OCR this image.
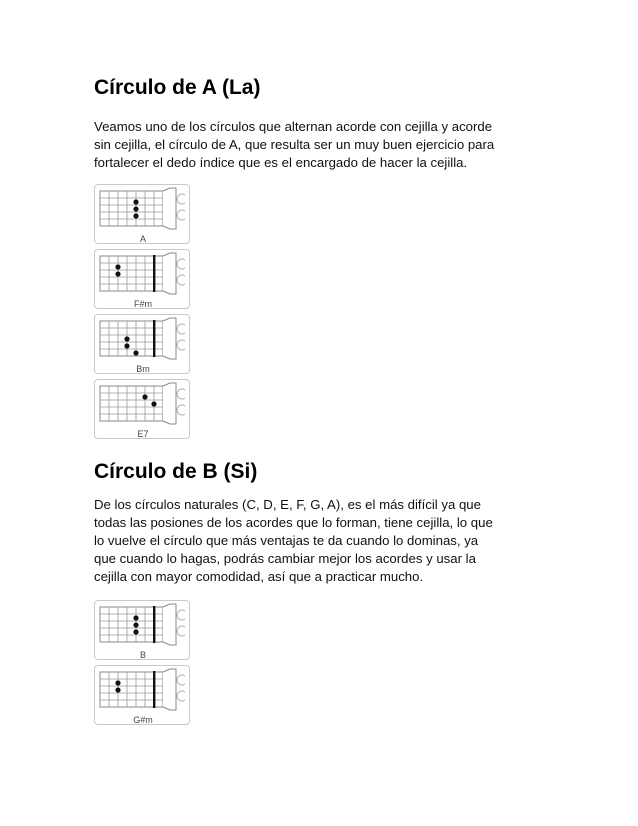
Círculo de A (La)
Veamos uno de los círculos que alternan acorde con cejilla y acorde
sin cejilla, el círculo de A, que resulta ser un muy buen ejercicio para
fortalecer el dedo índice que es el encargado de hacer la cejilla.
A
F#m
Bm
E7
Círculo de B (Si)
De los círculos naturales (C, D, E, F, G, A), es el más difícil ya que
todas las posiones de los acordes que lo forman, tiene cejilla, lo que
lo vuelve el círculo que más ventajas te da cuando lo dominas, ya
que cuando lo hagas, podrás cambiar mejor los acordes y usar la
cejilla con mayor comodidad, así que a practicar mucho.
B
G#m
